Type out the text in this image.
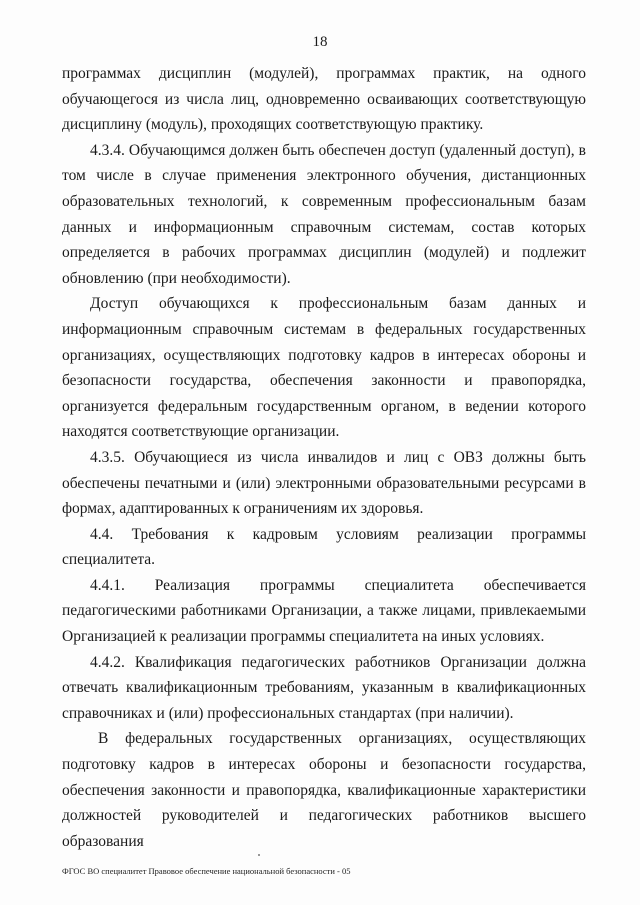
18

программах дисциплин (модулей), программах практик, на одного обучающегося из числа лиц, одновременно осваивающих соответствующую дисциплину (модуль), проходящих соответствующую практику.

4.3.4. Обучающимся должен быть обеспечен доступ (удаленный доступ), в том числе в случае применения электронного обучения, дистанционных образовательных технологий, к современным профессиональным базам данных и информационным справочным системам, состав которых определяется в рабочих программах дисциплин (модулей) и подлежит обновлению (при необходимости).

Доступ обучающихся к профессиональным базам данных и информационным справочным системам в федеральных государственных организациях, осуществляющих подготовку кадров в интересах обороны и безопасности государства, обеспечения законности и правопорядка, организуется федеральным государственным органом, в ведении которого находятся соответствующие организации.

4.3.5. Обучающиеся из числа инвалидов и лиц с ОВЗ должны быть обеспечены печатными и (или) электронными образовательными ресурсами в формах, адаптированных к ограничениям их здоровья.

4.4. Требования к кадровым условиям реализации программы специалитета.

4.4.1. Реализация программы специалитета обеспечивается педагогическими работниками Организации, а также лицами, привлекаемыми Организацией к реализации программы специалитета на иных условиях.

4.4.2. Квалификация педагогических работников Организации должна отвечать квалификационным требованиям, указанным в квалификационных справочниках и (или) профессиональных стандартах (при наличии).

В федеральных государственных организациях, осуществляющих подготовку кадров в интересах обороны и безопасности государства, обеспечения законности и правопорядка, квалификационные характеристики должностей руководителей и педагогических работников высшего образования

ФГОС ВО специалитет Правовое обеспечение национальной безопасности - 05
